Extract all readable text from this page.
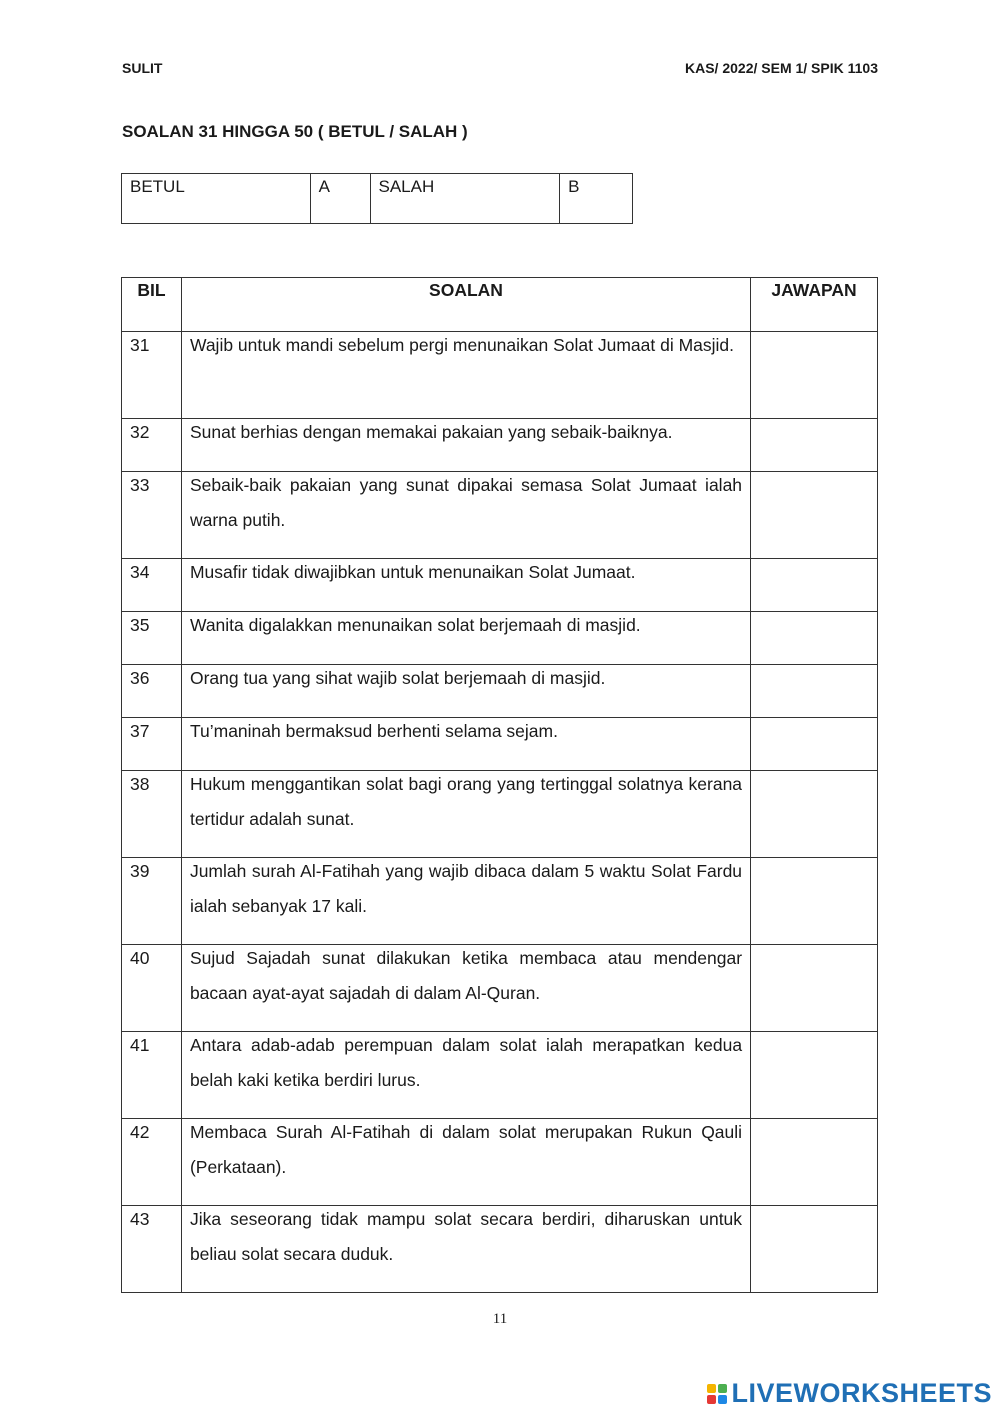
SULIT	KAS/ 2022/ SEM 1/ SPIK 1103
SOALAN 31 HINGGA 50 ( BETUL / SALAH )
BETUL	A	SALAH	B
BIL	SOALAN	JAWAPAN
31	Wajib untuk mandi sebelum pergi menunaikan Solat Jumaat di Masjid.	

32	Sunat berhias dengan memakai pakaian yang sebaik-baiknya.	

33	Sebaik-baik pakaian yang sunat dipakai semasa Solat Jumaat ialah warna putih.	

34	Musafir tidak diwajibkan untuk menunaikan Solat Jumaat.	

35	Wanita digalakkan menunaikan solat berjemaah di masjid.	

36	Orang tua yang sihat wajib solat berjemaah di masjid.	

37	Tu’maninah bermaksud berhenti selama sejam.	

38	Hukum menggantikan solat bagi orang yang tertinggal solatnya kerana tertidur adalah sunat.	

39	Jumlah surah Al-Fatihah yang wajib dibaca dalam 5 waktu Solat Fardu ialah sebanyak 17 kali.	

40	Sujud Sajadah sunat dilakukan ketika membaca atau mendengar bacaan ayat-ayat sajadah di dalam Al-Quran.	

41	Antara adab-adab perempuan dalam solat ialah merapatkan kedua belah kaki ketika berdiri lurus.	

42	Membaca Surah Al-Fatihah di dalam solat merupakan Rukun Qauli (Perkataan).	

43	Jika seseorang tidak mampu solat secara berdiri, diharuskan untuk beliau solat secara duduk.	

11
LIVEWORKSHEETS
